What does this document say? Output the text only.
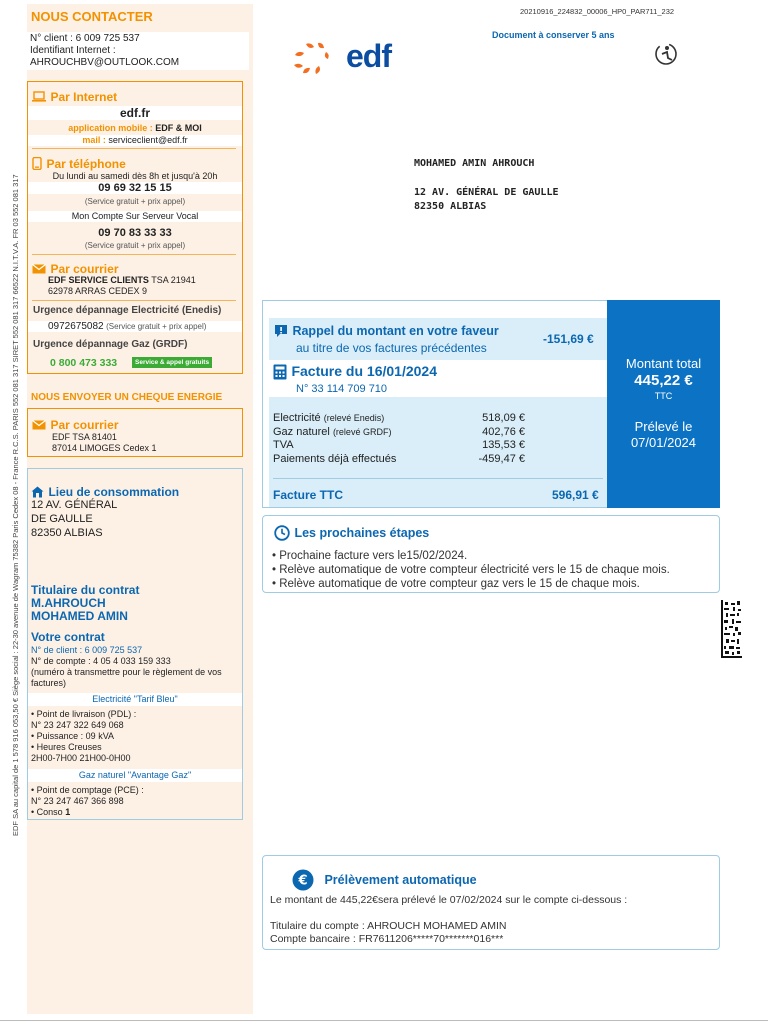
EDF SA au capital de 1 578 916 053,50 € Siège social : 22-30 avenue de Wagram 75382 Paris Cedex 08 - France R.C.S. PARIS 552 081 317 SIRET 552 081 317 66522 N.I.T.V.A. FR 03 552 081 317
NOUS CONTACTER
N° client : 6 009 725 537
Identifiant Internet :
AHROUCHBV@OUTLOOK.COM
Par Internet
edf.fr
application mobile : EDF & MOI
mail : serviceclient@edf.fr
Par téléphone
Du lundi au samedi dès 8h et jusqu'à 20h
09 69 32 15 15
(Service gratuit + prix appel)
Mon Compte Sur Serveur Vocal
09 70 83 33 33
(Service gratuit + prix appel)
Par courrier
EDF SERVICE CLIENTS TSA 21941
62978 ARRAS CEDEX 9
Urgence dépannage Electricité (Enedis)
0972675082 (Service gratuit + prix appel)
Urgence dépannage Gaz (GRDF)
0 800 473 333	Service & appel gratuits
NOUS ENVOYER UN CHEQUE ENERGIE
Par courrier
EDF TSA 81401
87014 LIMOGES Cedex 1
Lieu de consommation
12 AV. GÉNÉRAL
DE GAULLE
82350 ALBIAS
Titulaire du contrat
M.AHROUCH
MOHAMED AMIN
Votre contrat
N° de client : 6 009 725 537
N° de compte : 4 05 4 033 159 333
(numéro à transmettre pour le règlement de vos factures)
Electricité "Tarif Bleu"
• Point de livraison (PDL) :
N° 23 247 322 649 068
• Puissance : 09 kVA
• Heures Creuses
2H00-7H00 21H00-0H00
Gaz naturel "Avantage Gaz"
• Point de comptage (PCE) :
N° 23 247 467 366 898
• Conso 1
20210916_224832_00006_HP0_PAR711_232
Document à conserver 5 ans
edf
MOHAMED AMIN AHROUCH
12 AV. GÉNÉRAL DE GAULLE
82350 ALBIAS
Rappel du montant en votre faveur
au titre de vos factures précédentes
-151,69 €
Facture du 16/01/2024
N° 33 114 709 710
Electricité (relevé Enedis)	518,09 €
Gaz naturel (relevé GRDF)	402,76 €
TVA	135,53 €
Paiements déjà effectués	-459,47 €
Facture TTC	596,91 €
Montant total
445,22 €
TTC
Prélevé le
07/01/2024
Les prochaines étapes
• Prochaine facture vers le15/02/2024.
• Relève automatique de votre compteur électricité vers le 15 de chaque mois.
• Relève automatique de votre compteur gaz vers le 15 de chaque mois.
€ Prélèvement automatique
Le montant de 445,22€sera prélevé le 07/02/2024 sur le compte ci-dessous :
Titulaire du compte : AHROUCH MOHAMED AMIN
Compte bancaire : FR7611206*****70*******016***
